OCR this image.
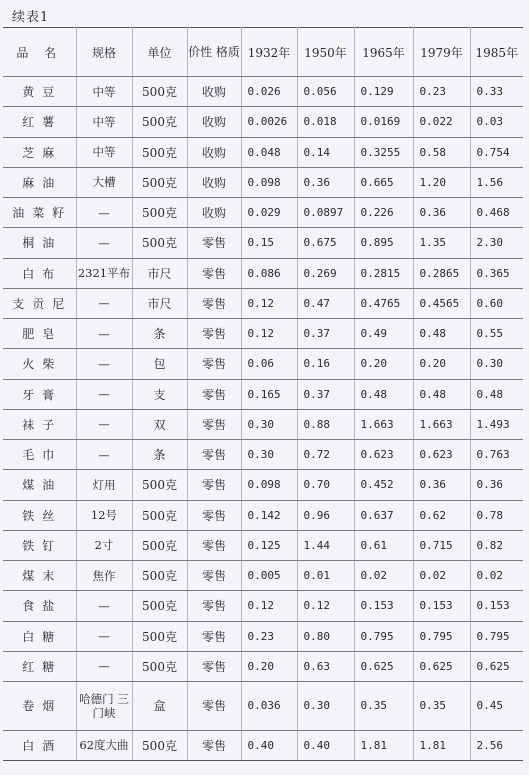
续表1
品 名	规格	单位	价性 格质	1932年	1950年	1965年	1979年	1985年
黄豆	中等	500克	收购	0.026	0.056	0.129	0.23	0.33
红薯	中等	500克	收购	0.0026	0.018	0.0169	0.022	0.03
芝麻	中等	500克	收购	0.048	0.14	0.3255	0.58	0.754
麻油	大槽	500克	收购	0.098	0.36	0.665	1.20	1.56
油菜籽	—	500克	收购	0.029	0.0897	0.226	0.36	0.468
桐油	—	500克	零售	0.15	0.675	0.895	1.35	2.30
白布	2321平布	市尺	零售	0.086	0.269	0.2815	0.2865	0.365
支贡尼	—	市尺	零售	0.12	0.47	0.4765	0.4565	0.60
肥皂	—	条	零售	0.12	0.37	0.49	0.48	0.55
火柴	—	包	零售	0.06	0.16	0.20	0.20	0.30
牙膏	—	支	零售	0.165	0.37	0.48	0.48	0.48
袜子	—	双	零售	0.30	0.88	1.663	1.663	1.493
毛巾	—	条	零售	0.30	0.72	0.623	0.623	0.763
煤油	灯用	500克	零售	0.098	0.70	0.452	0.36	0.36
铁丝	12号	500克	零售	0.142	0.96	0.637	0.62	0.78
铁钉	2寸	500克	零售	0.125	1.44	0.61	0.715	0.82
煤末	焦作	500克	零售	0.005	0.01	0.02	0.02	0.02
食盐	—	500克	零售	0.12	0.12	0.153	0.153	0.153
白糖	—	500克	零售	0.23	0.80	0.795	0.795	0.795
红糖	—	500克	零售	0.20	0.63	0.625	0.625	0.625
卷烟	哈德门 三门峡	盒	零售	0.036	0.30	0.35	0.35	0.45
白酒	62度大曲	500克	零售	0.40	0.40	1.81	1.81	2.56
